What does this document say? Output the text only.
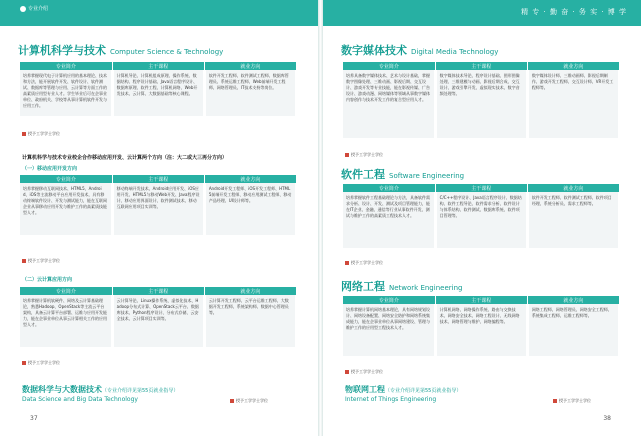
专业介绍
计算机科学与技术 Computer Science & Technology
专业简介	主干课程	就业方向
培养掌握现代电子计算机应用的基本理论、技术和方法，能开展软件开发、软件设计、软件测试、数据库等管理与应用、云计算等方面工作的高素质应用型专业人才。学生毕业后可在企事业单位、政府机关、学校等从事计算机软件开发与应用工作。	计算机导论、计算机组成原理、操作系统、数据结构、程序设计基础、Java语言程序设计、数据库原理、软件工程、计算机网络、Web开发技术、云计算、大数据基础等核心课程。	软件开发工程师、软件测试工程师、数据库管理员、系统运维工程师、Web前端开发工程师、网络管理员、IT技术支持等岗位。
授予工学学士学位
计算机科学与技术专业校企合作移动应用开发、云计算两个方向（注：大二或大三再分方向）
（一）移动应用开发方向
专业简介	主干课程	就业方向
培养掌握移动互联网技术、HTML5、Android、iOS等主流移动平台应用开发技术，具有移动终端软件设计、开发与测试能力，能在互联网企业从事移动应用开发与维护工作的高素质技能型人才。	移动终端开发技术、Android应用开发、iOS应用开发、HTML5与移动Web开发、Java程序设计、移动应用界面设计、软件测试技术、移动互联网应用项目实训等。	Android开发工程师、iOS开发工程师、HTML5前端开发工程师、移动应用测试工程师、移动产品经理、UI设计师等。
授予工学学士学位
（二）云计算应用方向
专业简介	主干课程	就业方向
培养掌握计算机软硬件、网络及云计算基础理论，熟悉Hadoop、OpenStack等主流云平台架构，具备云计算平台部署、运维与应用开发能力，能在企事业单位从事云计算相关工作的应用型人才。	云计算导论、Linux操作系统、虚拟化技术、Hadoop分布式计算、OpenStack云平台、数据库技术、Python程序设计、分布式存储、云安全技术、云计算项目实训等。	云计算开发工程师、云平台运维工程师、大数据开发工程师、系统架构师、数据中心管理员等。
授予工学学士学位
数据科学与大数据技术（专业介绍详见第55页就业指导）
Data Science and Big Data Technology	授予工学学士学位
37
精 专 · 勤 奋 · 务 实 · 博 学
数字媒体技术 Digital Media Technology
专业简介	主干课程	就业方向
培养具备数字媒体技术、艺术与设计基础，掌握数字图像处理、三维动画、影视后期、交互设计、游戏开发等专业技能，能在影视传媒、广告设计、游戏动漫、网络媒体等领域从事数字媒体内容创作与技术开发工作的复合型应用人才。	数字媒体技术导论、程序设计基础、图形图像处理、三维建模与动画、影视后期合成、交互设计、游戏引擎开发、虚拟现实技术、数字音频处理等。	数字媒体设计师、三维动画师、影视后期制作、游戏开发工程师、交互设计师、VR开发工程师等。
授予工学学士学位
软件工程 Software Engineering
专业简介	主干课程	就业方向
培养掌握软件工程基础理论与方法，具备软件需求分析、设计、开发、测试及项目管理能力，能在IT企业、金融、通信等行业从事软件开发、测试与维护工作的高素质工程技术人才。	C/C++程序设计、Java语言程序设计、数据结构、软件工程导论、软件需求分析、软件设计与体系结构、软件测试、数据库系统、软件项目管理等。	软件开发工程师、软件测试工程师、软件项目经理、系统分析员、需求工程师等。
授予工学学士学位
网络工程 Network Engineering
专业简介	主干课程	就业方向
培养掌握计算机网络基本理论，具有网络规划设计、网络设备配置、网络安全防护和网络系统集成能力，能在企事业单位从事网络建设、管理与维护工作的应用型工程技术人才。	计算机网络、网络操作系统、路由与交换技术、网络安全技术、网络工程设计、无线网络技术、网络管理与维护、网络编程等。	网络工程师、网络管理员、网络安全工程师、系统集成工程师、运维工程师等。
授予工学学士学位
物联网工程（专业介绍详见第55页就业指导）
Internet of Things Engineering	授予工学学士学位
38
